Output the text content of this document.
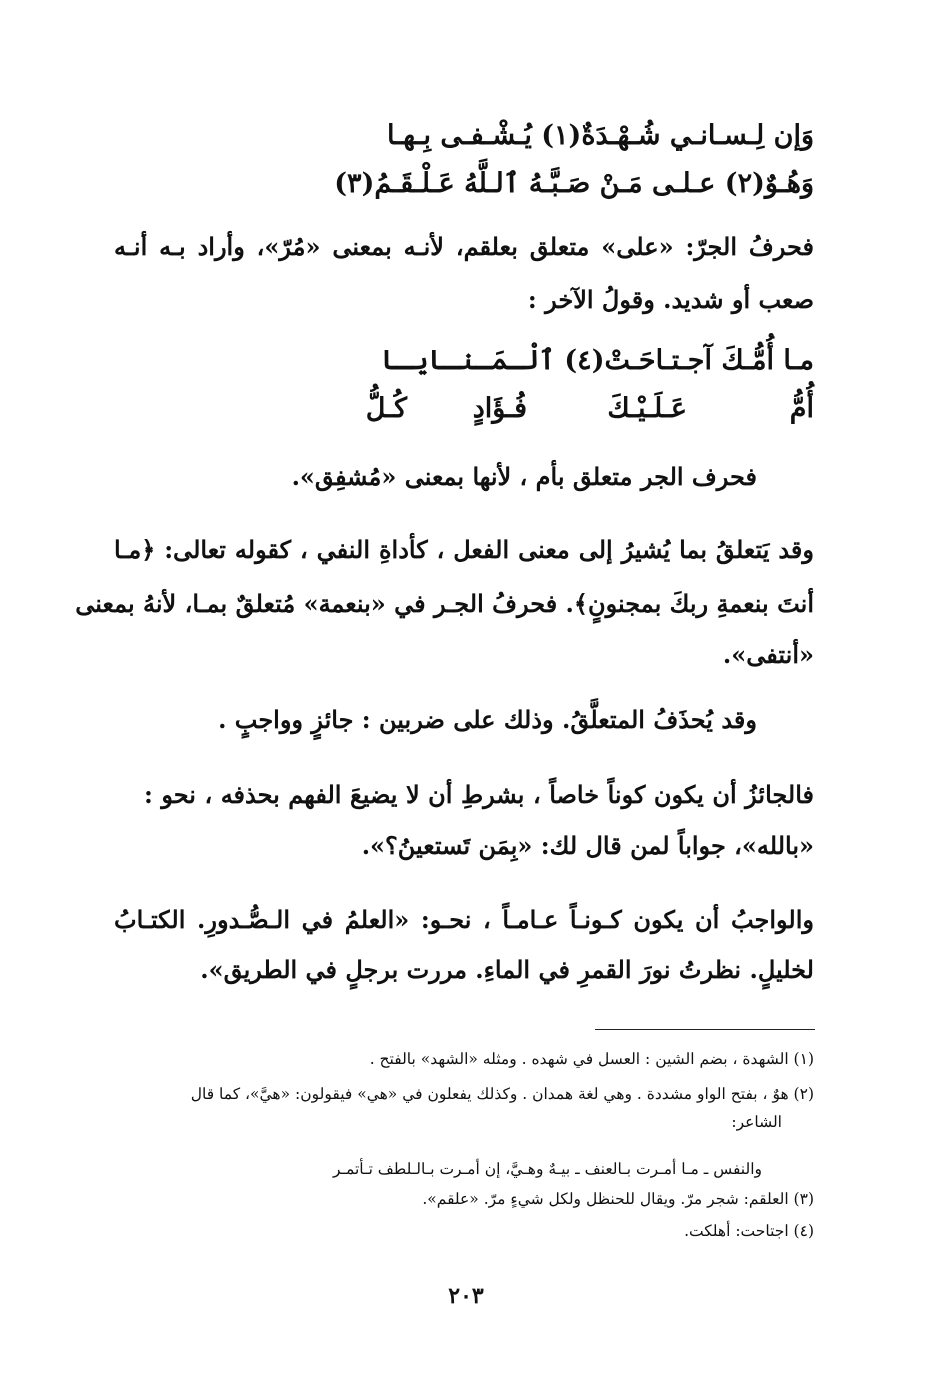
وَإن لِـسـانـي شُـهْـدَةٌ(١) يُـشْـفـى بِـهـا
وَهُـوٌ(٢) عـلـى مَـنْ صَـبَّـهُ ٱلـلَّهُ عَـلْـقَـمُ(٣)
فحرفُ الجرّ: «على» متعلق بعلقم، لأنـه بمعنى «مُرّ»، وأراد بـه أنـه
صعب أو شديد. وقولُ الآخر :
مـا أُمُّـكَ آجـتـاحَـتْ(٤) ٱلْـمَـنـايـا
كُـلُّ فُـؤَادٍ	عَـلَـيْـكَ	أُمُّ
فحرف الجر متعلق بأم ، لأنها بمعنى «مُشفِق».
وقد يَتعلقُ بما يُشيرُ إلى معنى الفعل ، كأداةِ النفي ، كقوله تعالى: ﴿مـا
أنتَ بنعمةِ ربكَ بمجنونٍ﴾. فحرفُ الجـر في «بنعمة» مُتعلقٌ بمـا، لأنهُ بمعنى
«أنتفى».
وقد يُحذَفُ المتعلَّقُ. وذلك على ضربين : جائزٍ وواجبٍ .
فالجائزُ أن يكون كوناً خاصاً ، بشرطِ أن لا يضيعَ الفهم بحذفه ، نحو :
«بالله»، جواباً لمن قال لك: «بِمَن تَستعينُ؟».
والواجبُ أن يكون كـونـاً عـامـاً ، نحـو: «العلمُ في الـصُّـدورِ. الكتـابُ
لخليلٍ. نظرتُ نورَ القمرِ في الماءِ. مررت برجلٍ في الطريق».
(١) الشهدة ، بضم الشين : العسل في شهده . ومثله «الشهد» بالفتح .
(٢) هوٌ ، بفتح الواو مشددة . وهي لغة همدان . وكذلك يفعلون في «هي» فيقولون: «هيَّ»، كما قال
الشاعر:
والنفس ـ مـا أمـرت بـالعنف ـ بيـهٌ وهـيَّ، إن أمـرت بـالـلطف تـأتمـر
(٣) العلقم: شجر مرّ. ويقال للحنظل ولكل شيءٍ مرّ. «علقم».
(٤) اجتاحت: أهلكت.
٢٠٣
